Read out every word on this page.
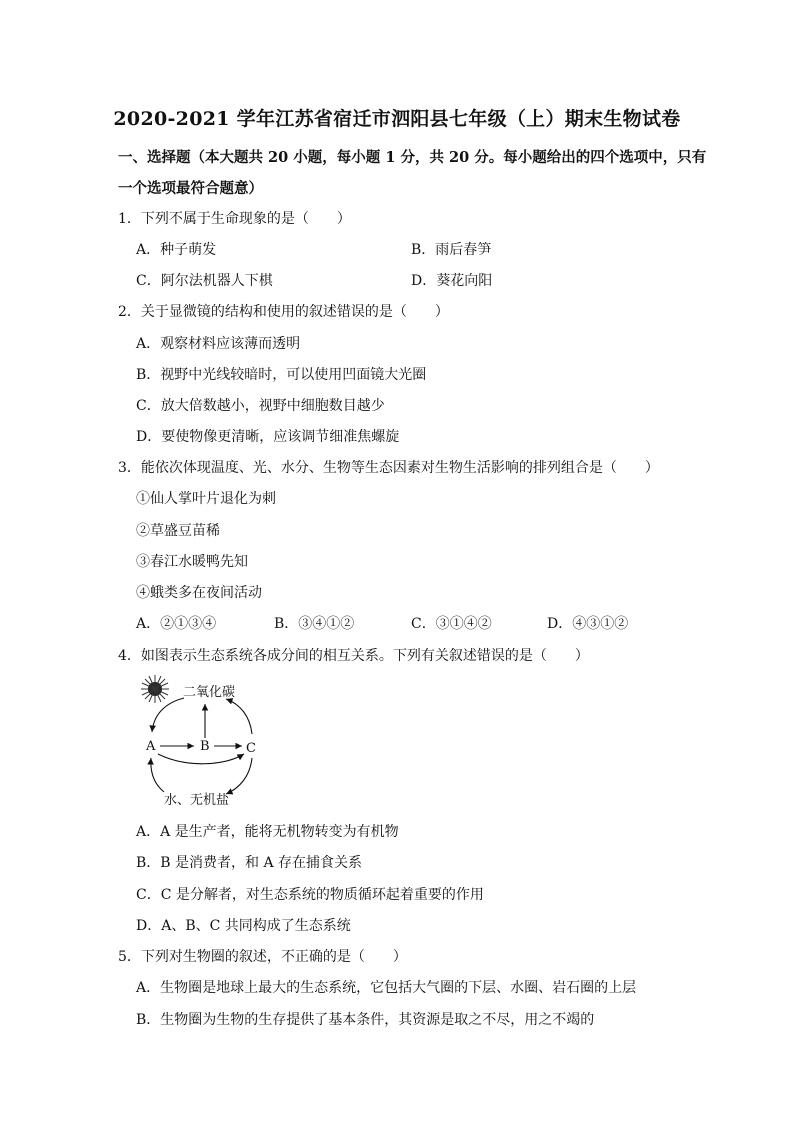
2020-2021 学年江苏省宿迁市泗阳县七年级（上）期末生物试卷
一、选择题（本大题共 20 小题，每小题 1 分，共 20 分。每小题给出的四个选项中，只有
一个选项最符合题意）
1．下列不属于生命现象的是（　　）
A．种子萌发	B．雨后春笋
C．阿尔法机器人下棋	D．葵花向阳
2．关于显微镜的结构和使用的叙述错误的是（　　）
A．观察材料应该薄而透明
B．视野中光线较暗时，可以使用凹面镜大光圈
C．放大倍数越小，视野中细胞数目越少
D．要使物像更清晰，应该调节细准焦螺旋
3．能依次体现温度、光、水分、生物等生态因素对生物生活影响的排列组合是（　　）
①仙人掌叶片退化为刺
②草盛豆苗稀
③春江水暖鸭先知
④蛾类多在夜间活动
A．②①③④	B．③④①②	C．③①④②	D．④③①②
4．如图表示生态系统各成分间的相互关系。下列有关叙述错误的是（　　）
二氧化碳
A	B	C
水、无机盐
A．A 是生产者，能将无机物转变为有机物
B．B 是消费者，和 A 存在捕食关系
C．C 是分解者，对生态系统的物质循环起着重要的作用
D．A、B、C 共同构成了生态系统
5．下列对生物圈的叙述，不正确的是（　　）
A．生物圈是地球上最大的生态系统，它包括大气圈的下层、水圈、岩石圈的上层
B．生物圈为生物的生存提供了基本条件，其资源是取之不尽，用之不竭的
